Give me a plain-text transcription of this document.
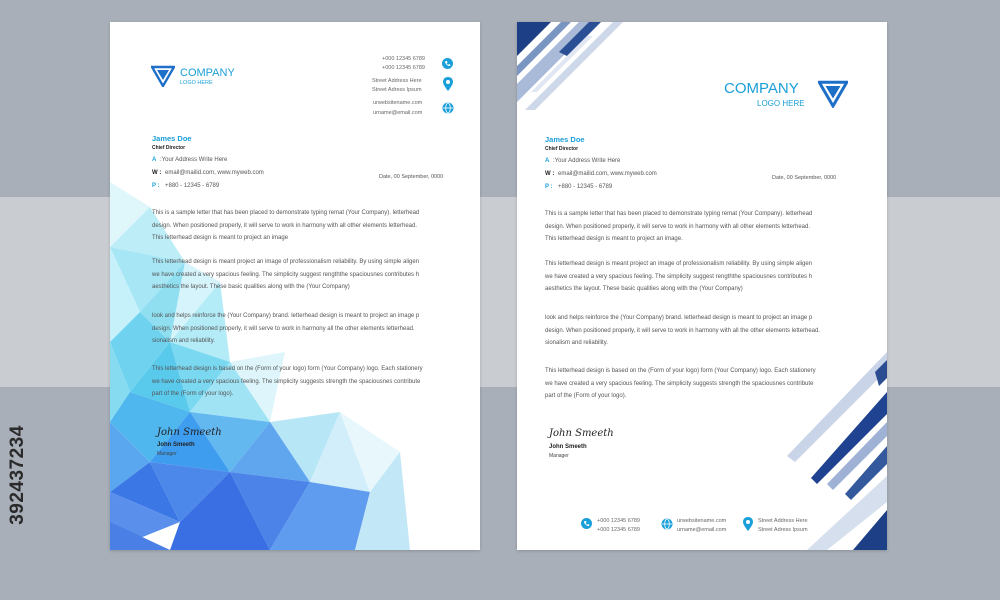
392437234
COMPANY
LOGO HERE
+000 12345 6789
+000 12345 6789
Street Address Here
Street Adress Ipsum
urwebsitename.com
urname@email.com
James Doe
Chief Director
A :Your Address Write Here
W : email@mailid.com, www.myweb.com
P : +880 - 12345 - 6789
Date, 00 September, 0000
This is a sample letter that has been placed to demonstrate typing remat (Your Company). letterhead
design. When positioned properly, it will serve to work in harmony with all other elements letterhead.
This letterhead design is meant to project an image
This letterhead design is meant project an image of professionalism reliability. By using simple aligen
we have created a very spacious feeling. The simplicity suggest rengththe spaciousnes contributes h
aesthetics the layout. These basic qualities along with the (Your Company)
look and helps reinforce the (Your Company) brand. letterhead design is meant to project an image p
design. When positioned properly, it will serve to work in harmony all the other elements letterhead.
sionalism and reliability.
This letterhead design is based on the (Form of your logo) form (Your Company) logo. Each stationery
we have created a very spacious feeling. The simplicity suggests strength the spaciousnes contribute
part of the (Form of your logo).
John Smeeth
John Smeeth
Manager
COMPANY
LOGO HERE
James Doe
Chief Director
A :Your Address Write Here
W : email@mailid.com, www.myweb.com
P : +880 - 12345 - 6789
Date, 00 September, 0000
This is a sample letter that has been placed to demonstrate typing remat (Your Company). letterhead
design. When positioned properly, it will serve to work in harmony with all other elements letterhead.
This letterhead design is meant to project an image.
This letterhead design is meant project an image of professionalism reliability. By using simple aligen
we have created a very spacious feeling. The simplicity suggest rengththe spaciousnes contributes h
aesthetics the layout. These basic qualities along with the (Your Company)
look and helps reinforce the (Your Company) brand. letterhead design is meant to project an image p
design. When positioned properly, it will serve to work in harmony with all the other elements letterhead.
sionalism and reliability.
This letterhead design is based on the (Form of your logo) form (Your Company) logo. Each stationery
we have created a very spacious feeling. The simplicity suggests strength the spaciousnes contribute
part of the (Form of your logo).
John Smeeth
John Smeeth
Manager
+000 12345 6789
+000 12345 6789
urwebsitename.com
urname@email.com
Street Address Here
Street Adress Ipsum
